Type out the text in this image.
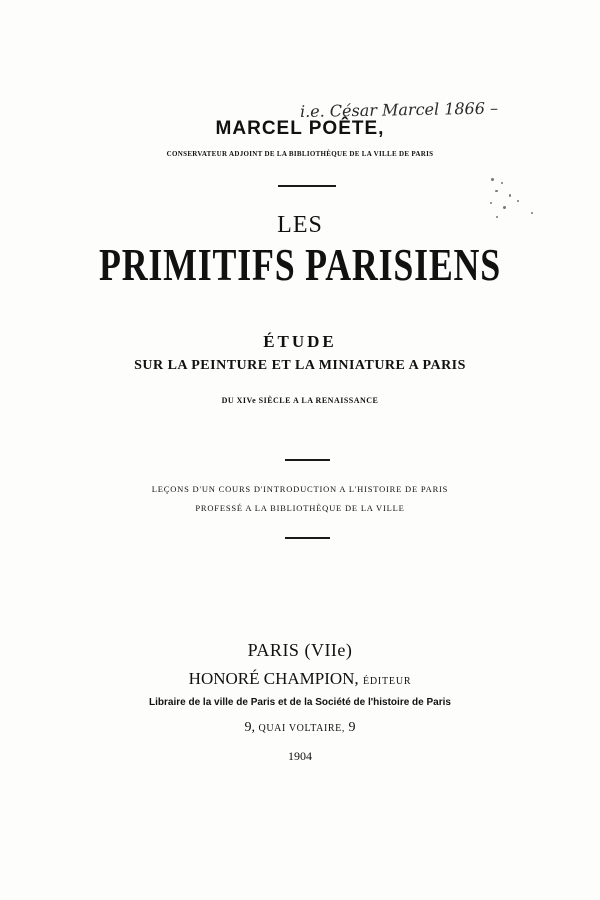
i.e. César Marcel 1866 –
MARCEL POÊTE,
CONSERVATEUR ADJOINT DE LA BIBLIOTHÈQUE DE LA VILLE DE PARIS
LES
PRIMITIFS PARISIENS
ÉTUDE
SUR LA PEINTURE ET LA MINIATURE A PARIS
DU XIVe SIÈCLE A LA RENAISSANCE
LEÇONS D'UN COURS D'INTRODUCTION A L'HISTOIRE DE PARIS
PROFESSÉ A LA BIBLIOTHÈQUE DE LA VILLE
PARIS (VIIe)
HONORÉ CHAMPION, ÉDITEUR
Libraire de la ville de Paris et de la Société de l'histoire de Paris
9, QUAI VOLTAIRE, 9
1904
